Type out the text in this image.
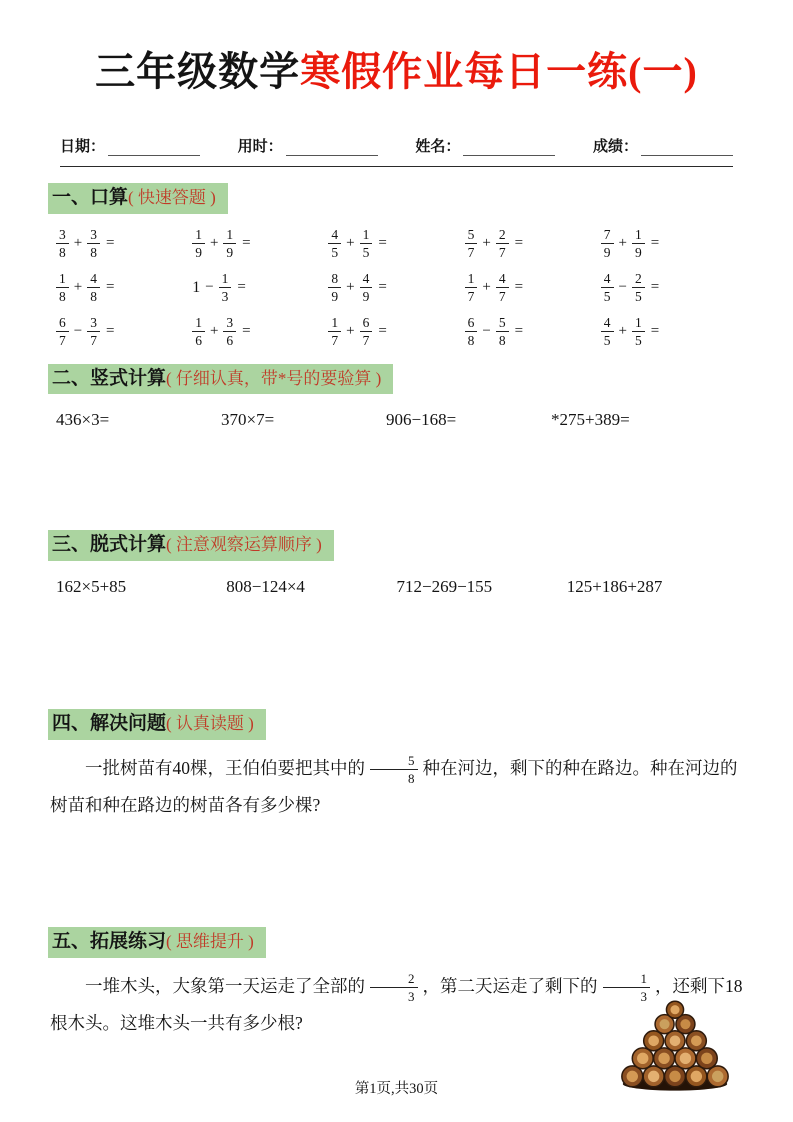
三年级数学寒假作业每日一练(一)
日期：	用时：	姓名：	成绩：
一、口算( 快速答题 )
$\frac{3}{8} + \frac{3}{8}$ =	$\frac{1}{9} + \frac{1}{9}$ =	$\frac{4}{5} + \frac{1}{5}$ =	$\frac{5}{7} + \frac{2}{7}$ =	$\frac{7}{9} + \frac{1}{9}$ =
$\frac{1}{8} + \frac{4}{8}$ =	$1 - \frac{1}{3}$ =	$\frac{8}{9} + \frac{4}{9}$ =	$\frac{1}{7} + \frac{4}{7}$ =	$\frac{4}{5} - \frac{2}{5}$ =
$\frac{6}{7} - \frac{3}{7}$ =	$\frac{1}{6} + \frac{3}{6}$ =	$\frac{1}{7} + \frac{6}{7}$ =	$\frac{6}{8} - \frac{5}{8}$ =	$\frac{4}{5} + \frac{1}{5}$ =
二、竖式计算( 仔细认真，带*号的要验算 )
436×3=	370×7=	906−168=	*275+389=
三、脱式计算( 注意观察运算顺序 )
162×5+85	808−124×4	712−269−155	125+186+287
四、解决问题( 认真读题 )
一批树苗有40棵，王伯伯要把其中的 $\frac{5}{8}$ 种在河边，剩下的种在路边。种在河边的树苗和种在路边的树苗各有多少棵?
五、拓展练习( 思维提升 )
一堆木头，大象第一天运走了全部的 $\frac{2}{3}$ ，第二天运走了剩下的 $\frac{1}{3}$ ，还剩下18根木头。这堆木头一共有多少根?
第1页,共30页
